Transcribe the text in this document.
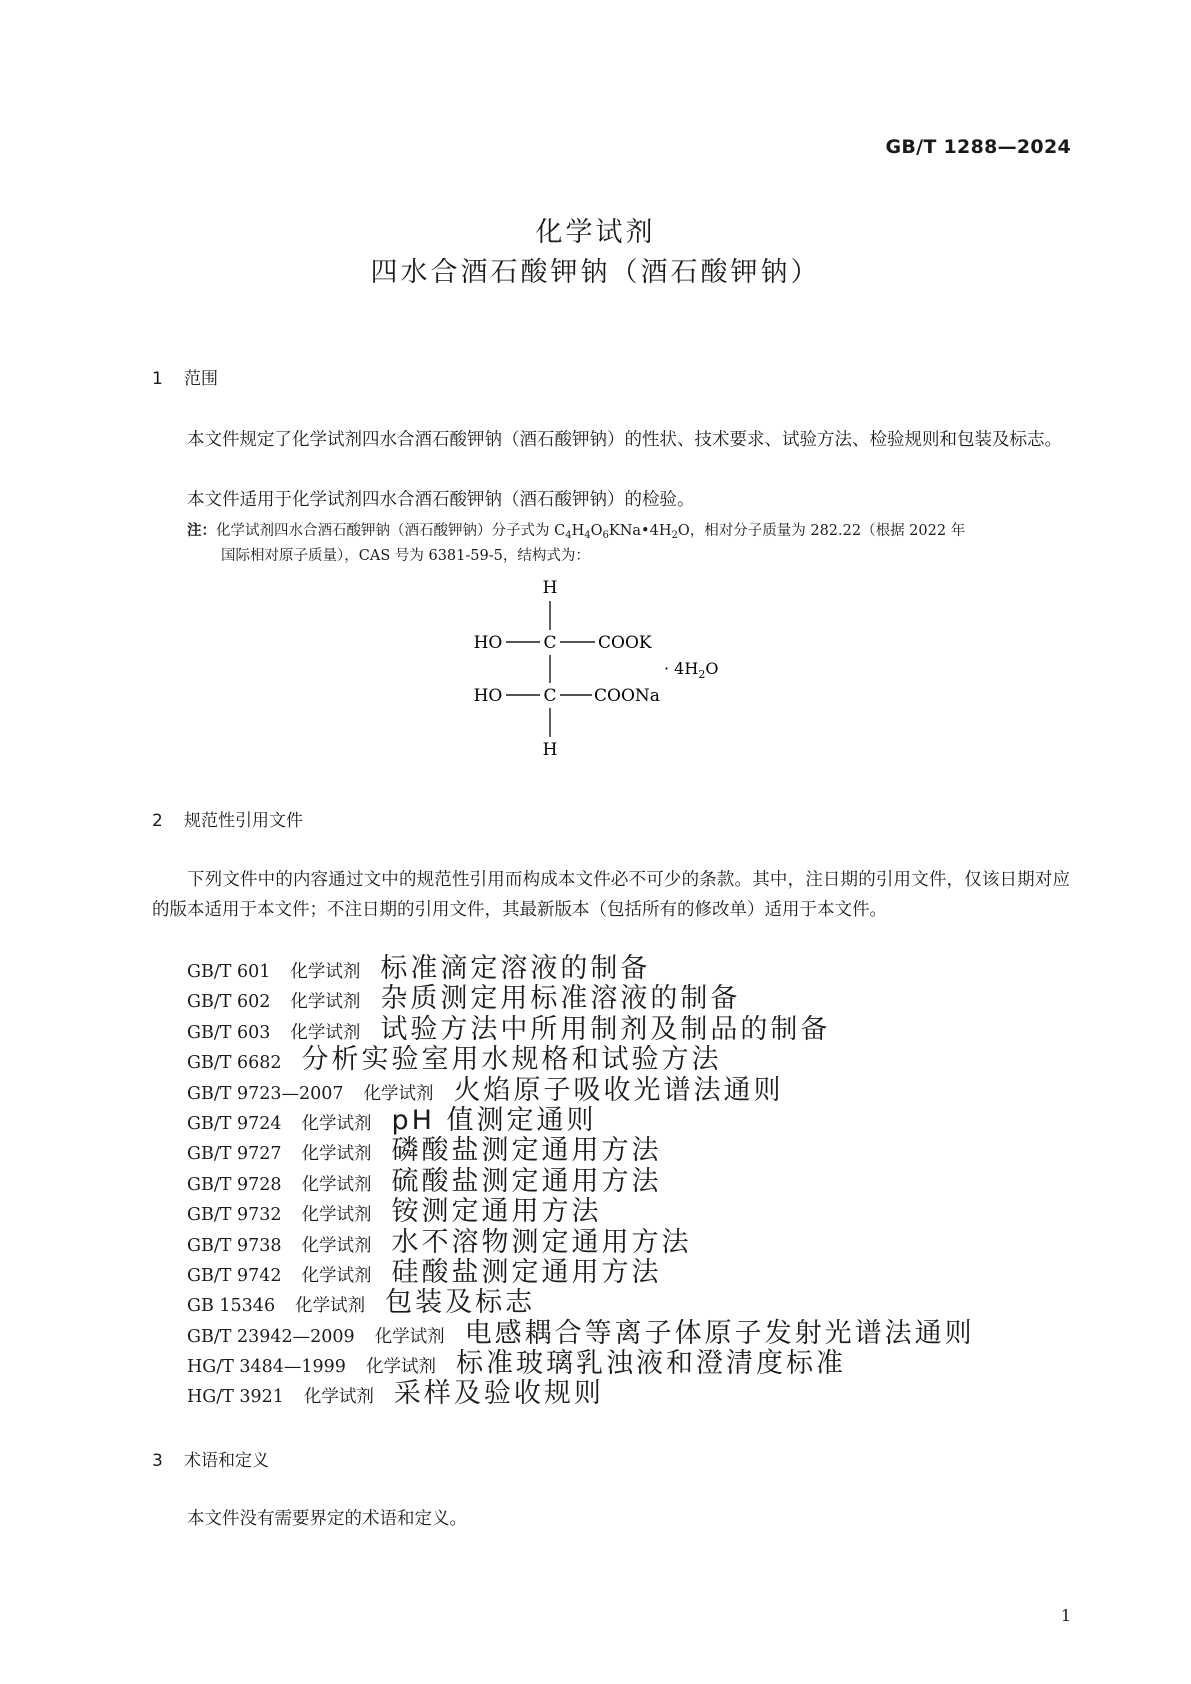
GB/T 1288—2024
化学试剂
四水合酒石酸钾钠（酒石酸钾钠）
1 范围
本文件规定了化学试剂四水合酒石酸钾钠（酒石酸钾钠）的性状、技术要求、试验方法、检验规则和包装及标志。
本文件适用于化学试剂四水合酒石酸钾钠（酒石酸钾钠）的检验。
注：化学试剂四水合酒石酸钾钠（酒石酸钾钠）分子式为 $C_4H_4O_6KNa•4H_2O$，相对分子质量为 282.22（根据 2022 年
国际相对原子质量），CAS 号为 6381-59-5，结构式为：
H
HO C COOK
· $4H_2O$
HO C COONa
H
2 规范性引用文件
下列文件中的内容通过文中的规范性引用而构成本文件必不可少的条款。其中，注日期的引用文件，仅该日期对应的版本适用于本文件；不注日期的引用文件，其最新版本（包括所有的修改单）适用于本文件。
GB/T 601 化学试剂 标准滴定溶液的制备
GB/T 602 化学试剂 杂质测定用标准溶液的制备
GB/T 603 化学试剂 试验方法中所用制剂及制品的制备
GB/T 6682 分析实验室用水规格和试验方法
GB/T 9723—2007 化学试剂 火焰原子吸收光谱法通则
GB/T 9724 化学试剂 pH 值测定通则
GB/T 9727 化学试剂 磷酸盐测定通用方法
GB/T 9728 化学试剂 硫酸盐测定通用方法
GB/T 9732 化学试剂 铵测定通用方法
GB/T 9738 化学试剂 水不溶物测定通用方法
GB/T 9742 化学试剂 硅酸盐测定通用方法
GB 15346 化学试剂 包装及标志
GB/T 23942—2009 化学试剂 电感耦合等离子体原子发射光谱法通则
HG/T 3484—1999 化学试剂 标准玻璃乳浊液和澄清度标准
HG/T 3921 化学试剂 采样及验收规则
3 术语和定义
本文件没有需要界定的术语和定义。
1
